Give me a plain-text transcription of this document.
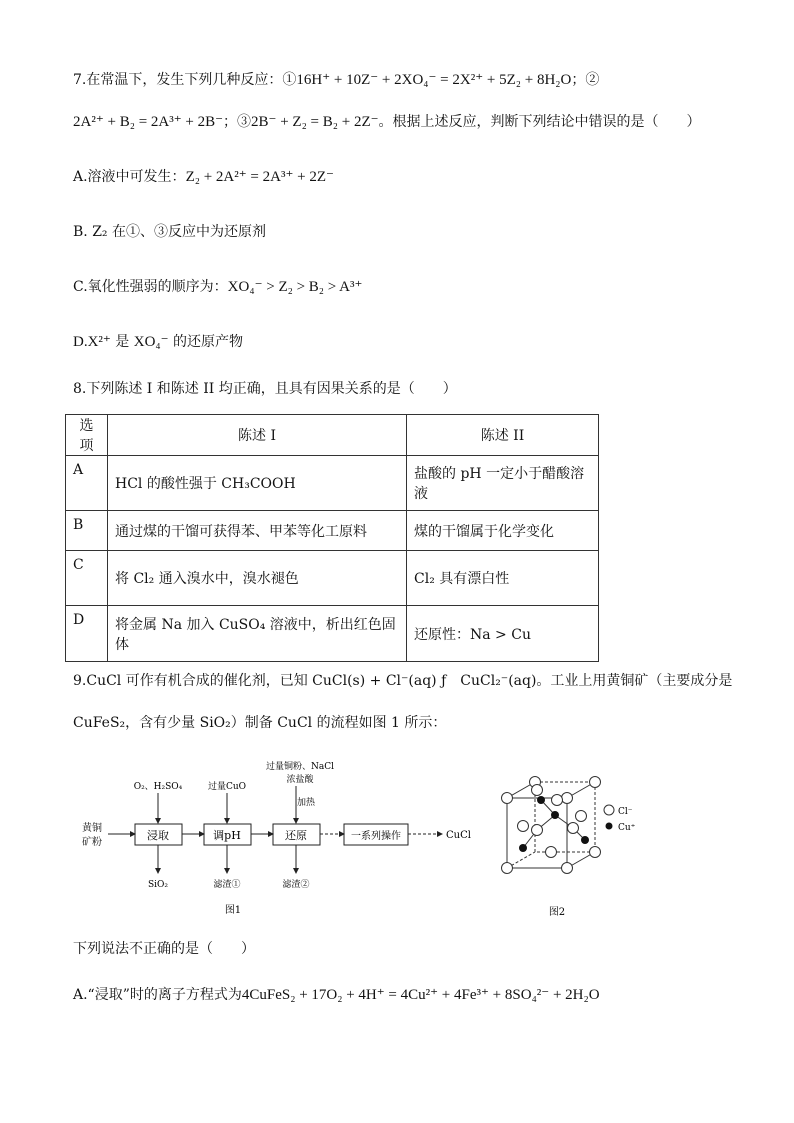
7.在常温下，发生下列几种反应：①16H⁺ + 10Z⁻ + 2XO₄⁻ = 2X²⁺ + 5Z₂ + 8H₂O；②
2A²⁺ + B₂ = 2A³⁺ + 2B⁻；③2B⁻ + Z₂ = B₂ + 2Z⁻。根据上述反应，判断下列结论中错误的是（　　）
A.溶液中可发生：Z₂ + 2A²⁺ = 2A³⁺ + 2Z⁻
B. Z₂ 在①、③反应中为还原剂
C.氧化性强弱的顺序为：XO₄⁻ > Z₂ > B₂ > A³⁺
D.X²⁺ 是 XO₄⁻ 的还原产物
8.下列陈述 I 和陈述 II 均正确，且具有因果关系的是（　　）
选项	陈述 I	陈述 II
A	HCl 的酸性强于 CH₃COOH	盐酸的 pH 一定小于醋酸溶液
B	通过煤的干馏可获得苯、甲苯等化工原料	煤的干馏属于化学变化
C	将 Cl₂ 通入溴水中，溴水褪色	Cl₂ 具有漂白性
D	将金属 Na 加入 CuSO₄ 溶液中，析出红色固体	还原性：Na > Cu
9.CuCl 可作有机合成的催化剂，已知 CuCl(s) + Cl⁻(aq) ƒ　CuCl₂⁻(aq)。工业上用黄铜矿（主要成分是
CuFeS₂，含有少量 SiO₂）制备 CuCl 的流程如图 1 所示：
黄铜
矿粉
浸取
O₂、H₂SO₄
SiO₂
调pH
过量CuO
滤渣①
还原
过量铜粉、NaCl
浓盐酸
加热
滤渣②
一系列操作	CuCl
图1
Cl⁻
Cu⁺
图2
下列说法不正确的是（　　）
A.“浸取”时的离子方程式为4CuFeS₂ + 17O₂ + 4H⁺ = 4Cu²⁺ + 4Fe³⁺ + 8SO₄²⁻ + 2H₂O
